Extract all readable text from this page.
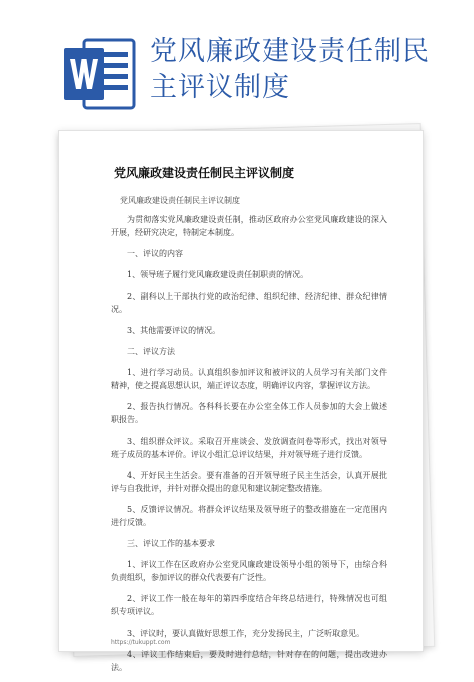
党风廉政建设责任制民主评议制度
党风廉政建设责任制民主评议制度
党风廉政建设责任制民主评议制度

为贯彻落实党风廉政建设责任制，推动区政府办公室党风廉政建设的深入开展，经研究决定，特制定本制度。

一、评议的内容

1、领导班子履行党风廉政建设责任制职责的情况。

2、副科以上干部执行党的政治纪律、组织纪律、经济纪律、群众纪律情况。

3、其他需要评议的情况。

二、评议方法

1、进行学习动员。认真组织参加评议和被评议的人员学习有关部门文件精神，使之提高思想认识，端正评议态度，明确评议内容，掌握评议方法。

2、报告执行情况。各科科长要在办公室全体工作人员参加的大会上做述职报告。

3、组织群众评议。采取召开座谈会、发放调查问卷等形式，找出对领导班子成员的基本评价。评议小组汇总评议结果，并对领导班子进行反馈。

4、开好民主生活会。要有准备的召开领导班子民主生活会，认真开展批评与自我批评，并针对群众提出的意见和建议制定整改措施。

5、反馈评议情况。将群众评议结果及领导班子的整改措施在一定范围内进行反馈。

三、评议工作的基本要求

1、评议工作在区政府办公室党风廉政建设领导小组的领导下，由综合科负责组织，参加评议的群众代表要有广泛性。

2、评议工作一般在每年的第四季度结合年终总结进行，特殊情况也可组织专项评议。

3、评议时，要认真做好思想工作，充分发扬民主，广泛听取意见。

4、评议工作结束后，要及时进行总结，针对存在的问题，提出改进办法。

https://tukuppt.com
